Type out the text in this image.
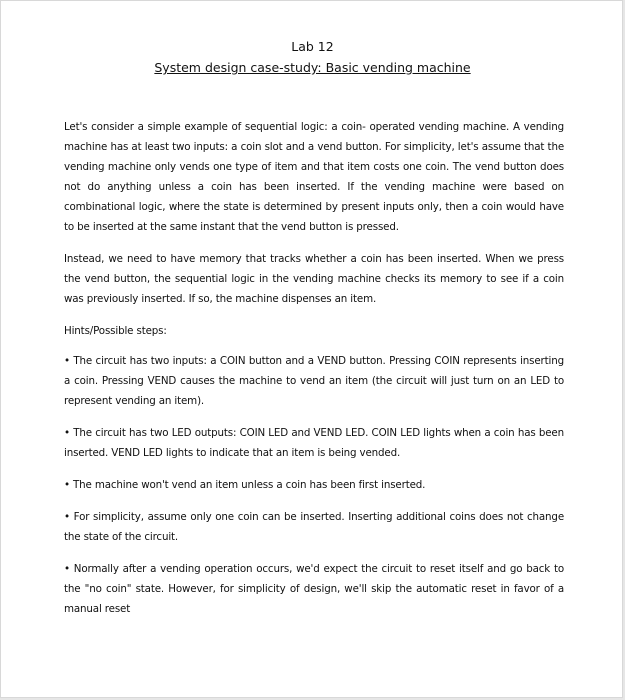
Lab 12
System design case-study: Basic vending machine

Let's consider a simple example of sequential logic: a coin- operated vending machine. A vending machine has at least two inputs: a coin slot and a vend button. For simplicity, let's assume that the vending machine only vends one type of item and that item costs one coin. The vend button does not do anything unless a coin has been inserted. If the vending machine were based on combinational logic, where the state is determined by present inputs only, then a coin would have to be inserted at the same instant that the vend button is pressed.

Instead, we need to have memory that tracks whether a coin has been inserted. When we press the vend button, the sequential logic in the vending machine checks its memory to see if a coin was previously inserted. If so, the machine dispenses an item.

Hints/Possible steps:

• The circuit has two inputs: a COIN button and a VEND button. Pressing COIN represents inserting a coin. Pressing VEND causes the machine to vend an item (the circuit will just turn on an LED to represent vending an item).

• The circuit has two LED outputs: COIN LED and VEND LED. COIN LED lights when a coin has been inserted. VEND LED lights to indicate that an item is being vended.

• The machine won't vend an item unless a coin has been first inserted.

• For simplicity, assume only one coin can be inserted. Inserting additional coins does not change the state of the circuit.

• Normally after a vending operation occurs, we'd expect the circuit to reset itself and go back to the "no coin" state. However, for simplicity of design, we'll skip the automatic reset in favor of a manual reset
